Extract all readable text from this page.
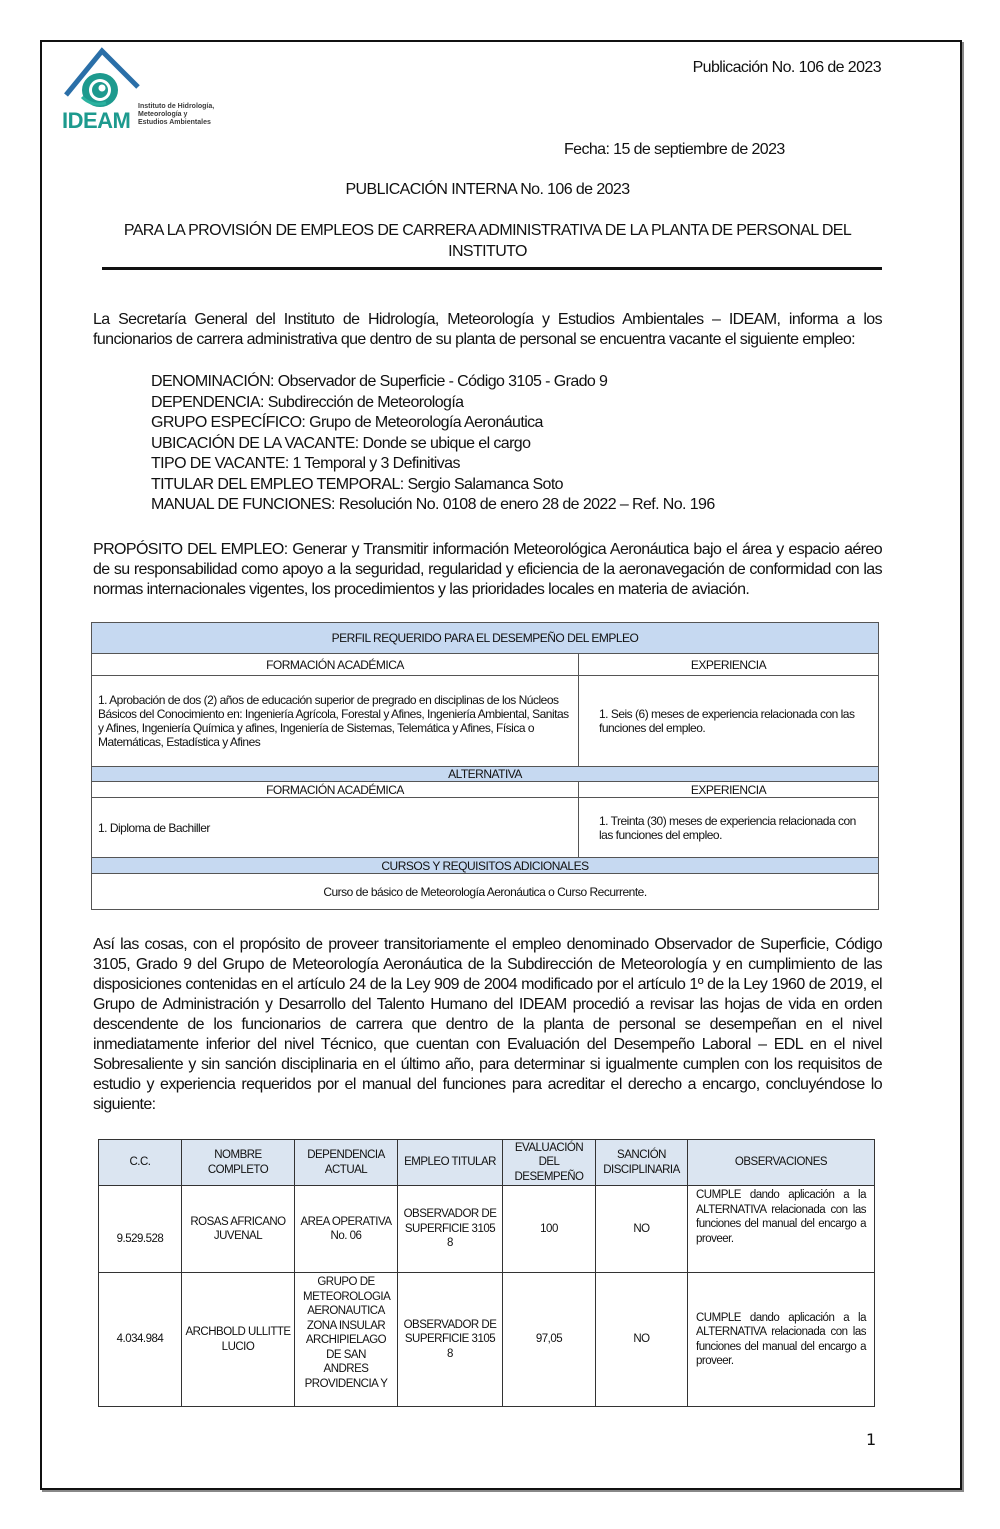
IDEAM
Instituto de Hidrología,
Meteorología y
Estudios Ambientales
Publicación No. 106 de 2023
Fecha: 15 de septiembre de 2023
PUBLICACIÓN INTERNA No. 106 de 2023
PARA LA PROVISIÓN DE EMPLEOS DE CARRERA ADMINISTRATIVA DE LA PLANTA DE PERSONAL DEL
INSTITUTO
La Secretaría General del Instituto de Hidrología, Meteorología y Estudios Ambientales – IDEAM, informa a los funcionarios de carrera administrativa que dentro de su planta de personal se encuentra vacante el siguiente empleo:
DENOMINACIÓN: Observador de Superficie - Código 3105 - Grado 9
DEPENDENCIA: Subdirección de Meteorología
GRUPO ESPECÍFICO: Grupo de Meteorología Aeronáutica
UBICACIÓN DE LA VACANTE: Donde se ubique el cargo
TIPO DE VACANTE: 1 Temporal y 3 Definitivas
TITULAR DEL EMPLEO TEMPORAL: Sergio Salamanca Soto
MANUAL DE FUNCIONES: Resolución No. 0108 de enero 28 de 2022 – Ref. No. 196
PROPÓSITO DEL EMPLEO: Generar y Transmitir información Meteorológica Aeronáutica bajo el área y espacio aéreo de su responsabilidad como apoyo a la seguridad, regularidad y eficiencia de la aeronavegación de conformidad con las normas internacionales vigentes, los procedimientos y las prioridades locales en materia de aviación.
PERFIL REQUERIDO PARA EL DESEMPEÑO DEL EMPLEO	
FORMACIÓN ACADÉMICA	EXPERIENCIA
1. Aprobación de dos (2) años de educación superior de pregrado en disciplinas de los Núcleos Básicos del Conocimiento en: Ingeniería Agrícola, Forestal y Afines, Ingeniería Ambiental, Sanitas y Afines, Ingeniería Química y afines, Ingeniería de Sistemas, Telemática y Afines, Física o Matemáticas, Estadística y Afines	1. Seis (6) meses de experiencia relacionada con las funciones del empleo.
ALTERNATIVA	
FORMACIÓN ACADÉMICA	EXPERIENCIA
1. Diploma de Bachiller	1. Treinta (30) meses de experiencia relacionada con las funciones del empleo.
CURSOS Y REQUISITOS ADICIONALES	
Curso de básico de Meteorología Aeronáutica o Curso Recurrente.	
Así las cosas, con el propósito de proveer transitoriamente el empleo denominado Observador de Superficie, Código 3105, Grado 9 del Grupo de Meteorología Aeronáutica de la Subdirección de Meteorología y en cumplimiento de las disposiciones contenidas en el artículo 24 de la Ley 909 de 2004 modificado por el artículo 1º de la Ley 1960 de 2019, el Grupo de Administración y Desarrollo del Talento Humano del IDEAM procedió a revisar las hojas de vida en orden descendente de los funcionarios de carrera que dentro de la planta de personal se desempeñan en el nivel inmediatamente inferior del nivel Técnico, que cuentan con Evaluación del Desempeño Laboral – EDL en el nivel Sobresaliente y sin sanción disciplinaria en el último año, para determinar si igualmente cumplen con los requisitos de estudio y experiencia requeridos por el manual del funciones para acreditar el derecho a encargo, concluyéndose lo siguiente:
C.C.	NOMBRE COMPLETO	DEPENDENCIA ACTUAL	EMPLEO TITULAR	EVALUACIÓN DEL DESEMPEÑO	SANCIÓN DISCIPLINARIA	OBSERVACIONES
9.529.528	ROSAS AFRICANO JUVENAL	AREA OPERATIVA No. 06	OBSERVADOR DE SUPERFICIE 3105 8	100	NO	CUMPLE dando aplicación a la ALTERNATIVA relacionada con las funciones del manual del encargo a proveer.
4.034.984	ARCHBOLD ULLITTE LUCIO	GRUPO DE METEOROLOGIA AERONAUTICA ZONA INSULAR ARCHIPIELAGO DE SAN ANDRES PROVIDENCIA Y	OBSERVADOR DE SUPERFICIE 3105 8	97,05	NO	CUMPLE dando aplicación a la ALTERNATIVA relacionada con las funciones del manual del encargo a proveer.
1
